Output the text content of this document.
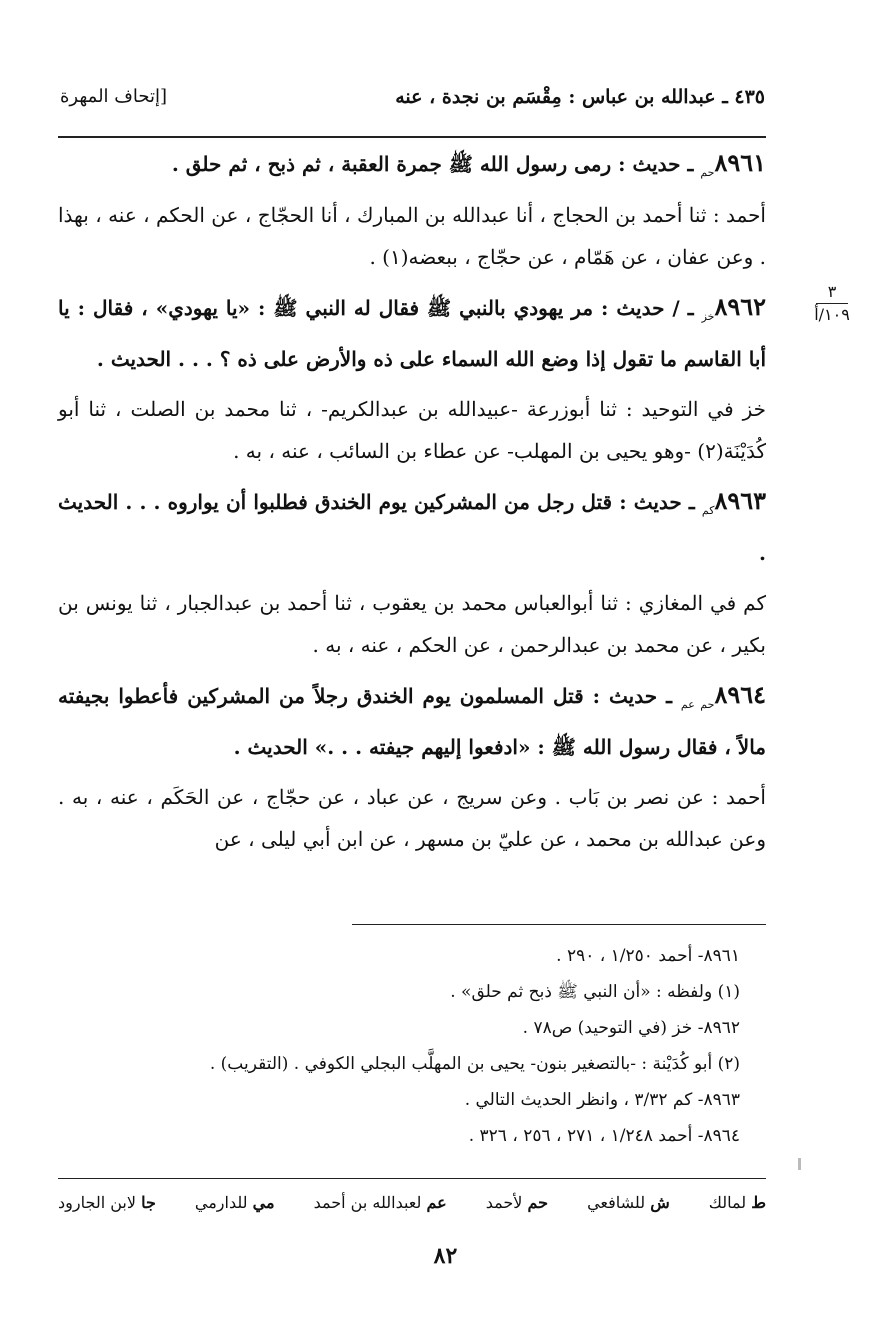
٤٣٥ ـ عبدالله بن عباس : مِقْسَم بن نجدة ، عنه
[إتحاف المهرة
٣
١٠٩/أ

$٨٩٦١_{حم}$ ـ حديث : رمى رسول الله ﷺ جمرة العقبة ، ثم ذبح ، ثم حلق .

أحمد : ثنا أحمد بن الحجاج ، أنا عبدالله بن المبارك ، أنا الحجّاج ، عن الحكم ، عنه ، بهذا . وعن عفان ، عن هَمّام ، عن حجّاج ، ببعضه(١) .

$٨٩٦٢_{خز}$ ـ / حديث : مر يهودي بالنبي ﷺ فقال له النبي ﷺ : «يا يهودي» ، فقال : يا أبا القاسم ما تقول إذا وضع الله السماء على ذه والأرض على ذه ؟ . . . الحديث .

خز في التوحيد : ثنا أبوزرعة -عبيدالله بن عبدالكريم- ، ثنا محمد بن الصلت ، ثنا أبو كُدَيْنَة(٢) -وهو يحيى بن المهلب- عن عطاء بن السائب ، عنه ، به .

$٨٩٦٣_{كم}$ ـ حديث : قتل رجل من المشركين يوم الخندق فطلبوا أن يواروه . . . الحديث .

كم في المغازي : ثنا أبوالعباس محمد بن يعقوب ، ثنا أحمد بن عبدالجبار ، ثنا يونس بن بكير ، عن محمد بن عبدالرحمن ، عن الحكم ، عنه ، به .

$٨٩٦٤_{حم عم}$ ـ حديث : قتل المسلمون يوم الخندق رجلاً من المشركين فأعطوا بجيفته مالاً ، فقال رسول الله ﷺ : «ادفعوا إليهم جيفته . . .» الحديث .

أحمد : عن نصر بن بَاب . وعن سريج ، عن عباد ، عن حجّاج ، عن الحَكَم ، عنه ، به . وعن عبدالله بن محمد ، عن عليّ بن مسهر ، عن ابن أبي ليلى ، عن

٨٩٦١- أحمد ١/٢٥٠ ، ٢٩٠ .

(١) ولفظه : «أن النبي ﷺ ذبح ثم حلق» .

٨٩٦٢- خز (في التوحيد) ص٧٨ .

(٢) أبو كُدَيْنة : -بالتصغير بنون- يحيى بن المهلَّب البجلي الكوفي . (التقريب) .

٨٩٦٣- كم ٣/٣٢ ، وانظر الحديث التالي .

٨٩٦٤- أحمد ١/٢٤٨ ، ٢٧١ ، ٢٥٦ ، ٣٢٦ .

ط لمالك
ش للشافعي
حم لأحمد
عم لعبدالله بن أحمد
مي للدارمي
جا لابن الجارود
٨٢
